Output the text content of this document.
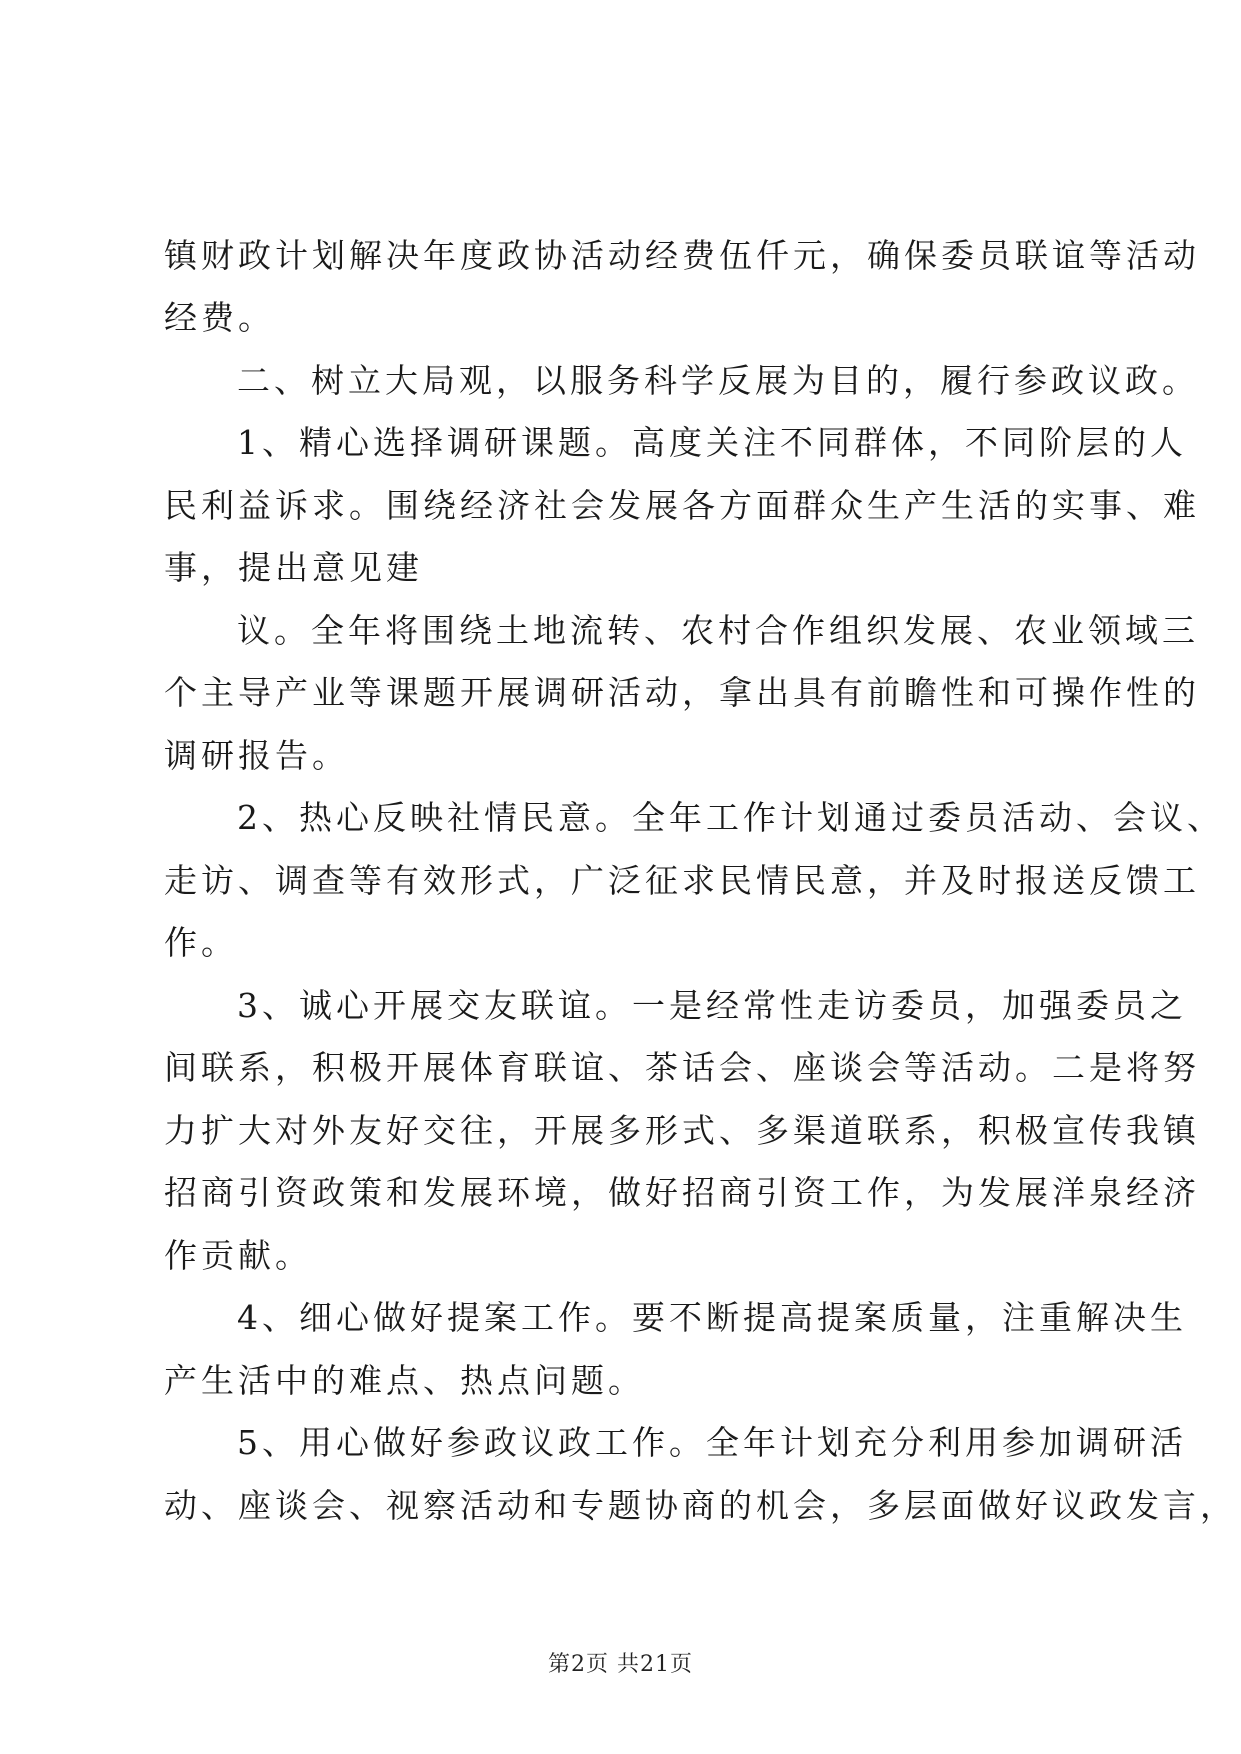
镇财政计划解决年度政协活动经费伍仟元，确保委员联谊等活动
经费。
二、树立大局观，以服务科学反展为目的，履行参政议政。
1、精心选择调研课题。高度关注不同群体，不同阶层的人
民利益诉求。围绕经济社会发展各方面群众生产生活的实事、难
事，提出意见建
议。全年将围绕土地流转、农村合作组织发展、农业领域三
个主导产业等课题开展调研活动，拿出具有前瞻性和可操作性的
调研报告。
2、热心反映社情民意。全年工作计划通过委员活动、会议、
走访、调查等有效形式，广泛征求民情民意，并及时报送反馈工
作。
3、诚心开展交友联谊。一是经常性走访委员，加强委员之
间联系，积极开展体育联谊、茶话会、座谈会等活动。二是将努
力扩大对外友好交往，开展多形式、多渠道联系，积极宣传我镇
招商引资政策和发展环境，做好招商引资工作，为发展洋泉经济
作贡献。
4、细心做好提案工作。要不断提高提案质量，注重解决生
产生活中的难点、热点问题。
5、用心做好参政议政工作。全年计划充分利用参加调研活
动、座谈会、视察活动和专题协商的机会，多层面做好议政发言，
第2页 共21页
